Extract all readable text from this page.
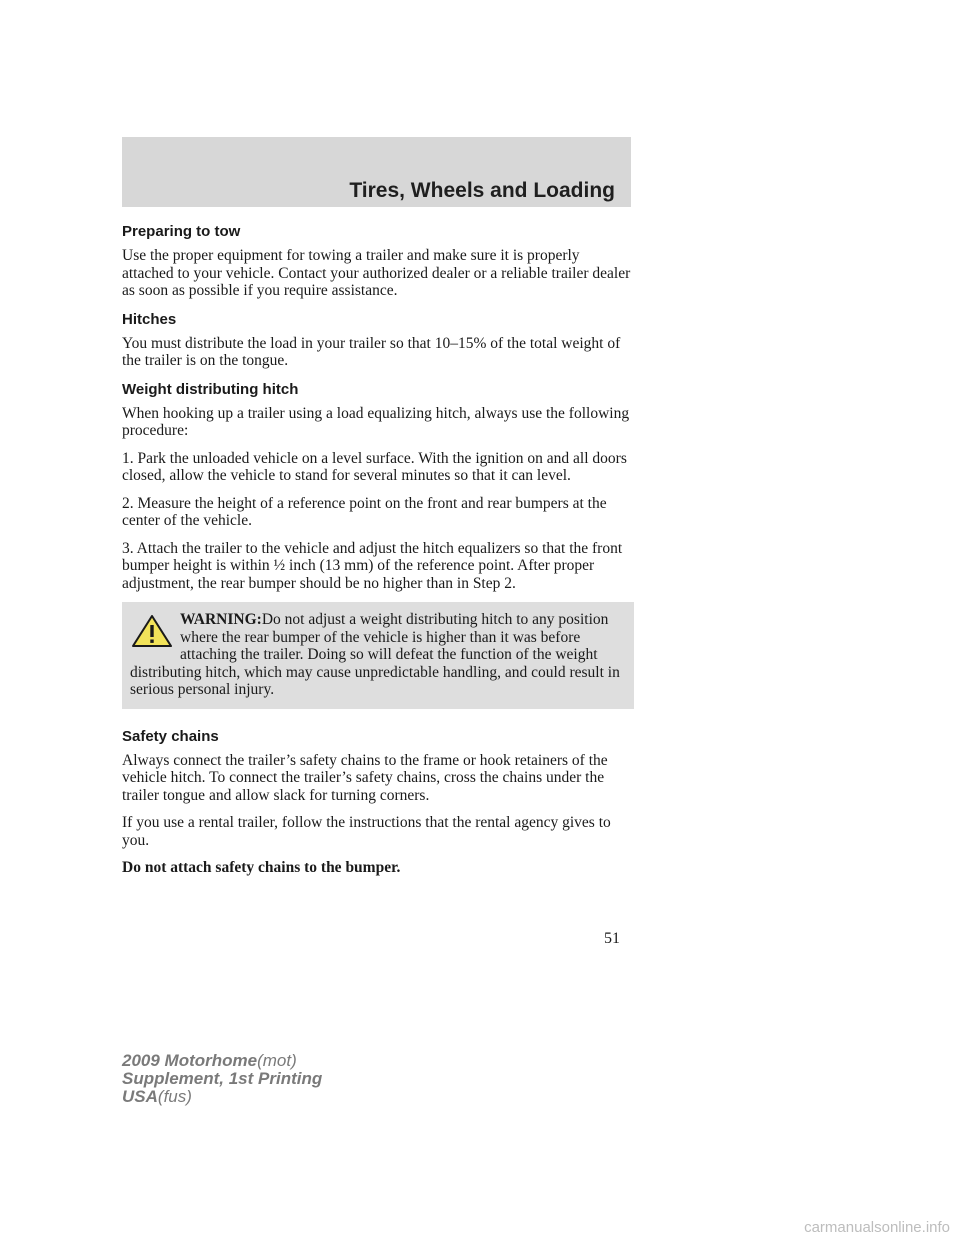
Tires, Wheels and Loading
Preparing to tow

Use the proper equipment for towing a trailer and make sure it is properly attached to your vehicle. Contact your authorized dealer or a reliable trailer dealer as soon as possible if you require assistance.

Hitches

You must distribute the load in your trailer so that 10–15% of the total weight of the trailer is on the tongue.

Weight distributing hitch

When hooking up a trailer using a load equalizing hitch, always use the following procedure:

1. Park the unloaded vehicle on a level surface. With the ignition on and all doors closed, allow the vehicle to stand for several minutes so that it can level.

2. Measure the height of a reference point on the front and rear bumpers at the center of the vehicle.

3. Attach the trailer to the vehicle and adjust the hitch equalizers so that the front bumper height is within ½ inch (13 mm) of the reference point. After proper adjustment, the rear bumper should be no higher than in Step 2.

WARNING:Do not adjust a weight distributing hitch to any position where the rear bumper of the vehicle is higher than it was before attaching the trailer. Doing so will defeat the function of the weight distributing hitch, which may cause unpredictable handling, and could result in serious personal injury.

Safety chains

Always connect the trailer’s safety chains to the frame or hook retainers of the vehicle hitch. To connect the trailer’s safety chains, cross the chains under the trailer tongue and allow slack for turning corners.

If you use a rental trailer, follow the instructions that the rental agency gives to you.

Do not attach safety chains to the bumper.

51
2009 Motorhome(mot)
Supplement, 1st Printing
USA(fus)
carmanualsonline.info
